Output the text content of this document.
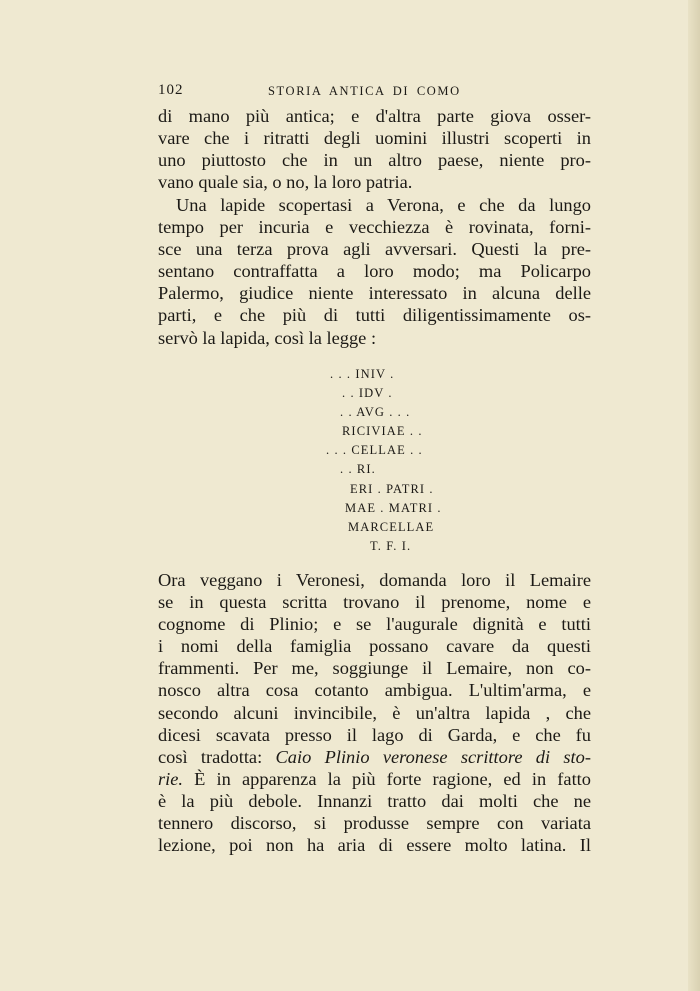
102	STORIA ANTICA DI COMO

di mano più antica; e d'altra parte giova osser-
vare che i ritratti degli uomini illustri scoperti in
uno piuttosto che in un altro paese, niente pro-
vano quale sia, o no, la loro patria.

Una lapide scopertasi a Verona, e che da lungo
tempo per incuria e vecchiezza è rovinata, forni-
sce una terza prova agli avversari. Questi la pre-
sentano contraffatta a loro modo; ma Policarpo
Palermo, giudice niente interessato in alcuna delle
parti, e che più di tutti diligentissimamente os-
servò la lapida, così la legge :

. . . INIV .
. . IDV .
. . AVG . . .
RICIVIAE . .
. . . CELLAE . .
. . RI.
ERI . PATRI .
MAE . MATRI .
MARCELLAE
T. F. I.

Ora veggano i Veronesi, domanda loro il Lemaire
se in questa scritta trovano il prenome, nome e
cognome di Plinio; e se l'augurale dignità e tutti
i nomi della famiglia possano cavare da questi
frammenti. Per me, soggiunge il Lemaire, non co-
nosco altra cosa cotanto ambigua. L'ultim'arma, e
secondo alcuni invincibile, è un'altra lapida , che
dicesi scavata presso il lago di Garda, e che fu
così tradotta: Caio Plinio veronese scrittore di sto-
rie. È in apparenza la più forte ragione, ed in fatto
è la più debole. Innanzi tratto dai molti che ne
tennero discorso, si produsse sempre con variata
lezione, poi non ha aria di essere molto latina. Il
